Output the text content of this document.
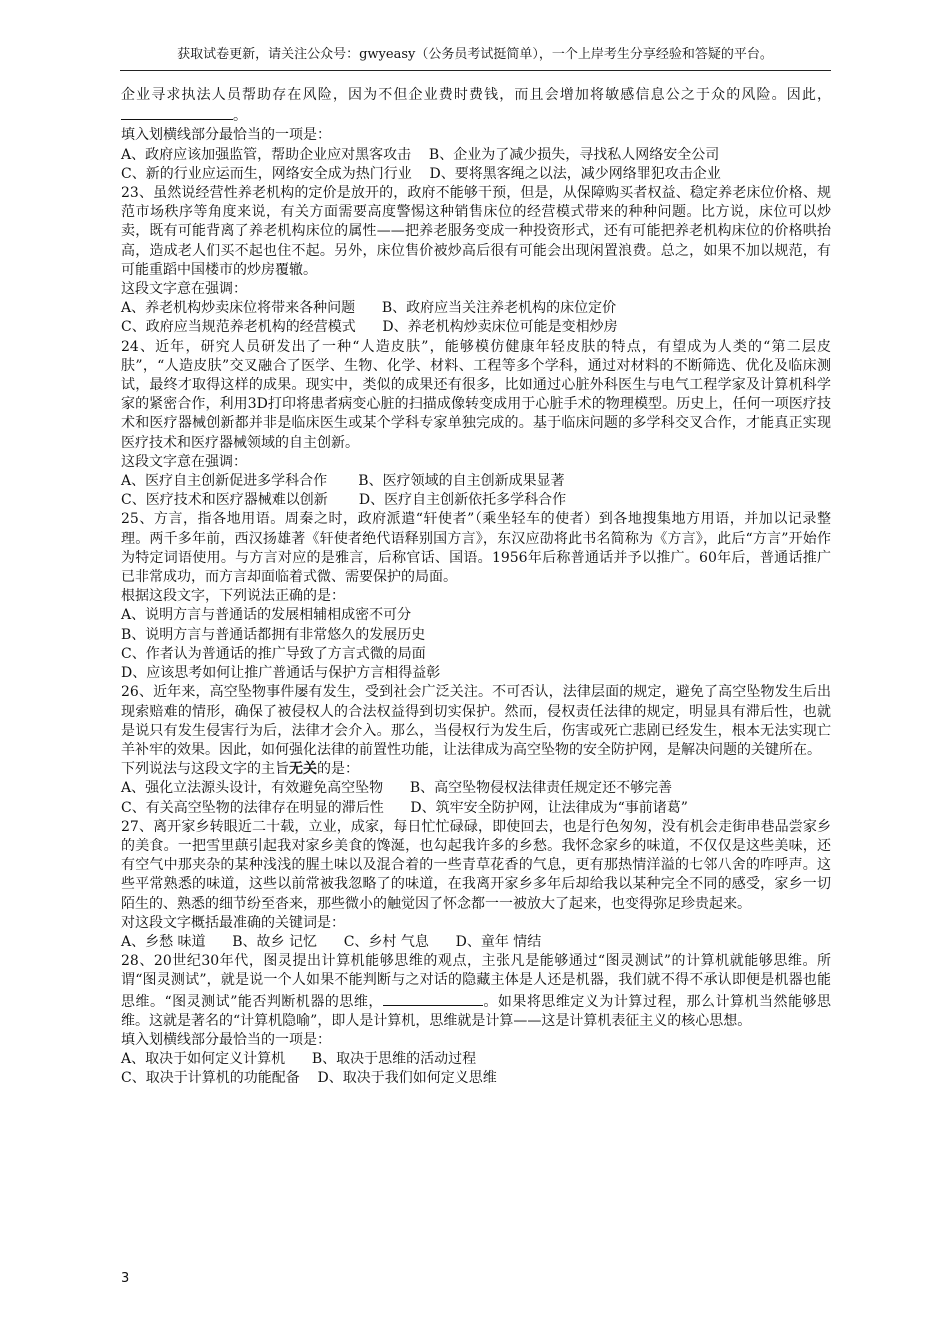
获取试卷更新，请关注公众号：gwyeasy（公务员考试挺简单），一个上岸考生分享经验和答疑的平台。

企业寻求执法人员帮助存在风险，因为不但企业费时费钱，而且会增加将敏感信息公之于众的风险。因此，。

填入划横线部分最恰当的一项是：

A、政府应该加强监管，帮助企业应对黑客攻击 B、企业为了减少损失，寻找私人网络安全公司

C、新的行业应运而生，网络安全成为热门行业 D、要将黑客绳之以法，减少网络罪犯攻击企业

23、虽然说经营性养老机构的定价是放开的，政府不能够干预，但是，从保障购买者权益、稳定养老床位价格、规范市场秩序等角度来说，有关方面需要高度警惕这种销售床位的经营模式带来的种种问题。比方说，床位可以炒卖，既有可能背离了养老机构床位的属性——把养老服务变成一种投资形式，还有可能把养老机构床位的价格哄抬高，造成老人们买不起也住不起。另外，床位售价被炒高后很有可能会出现闲置浪费。总之，如果不加以规范，有可能重蹈中国楼市的炒房覆辙。

这段文字意在强调：

A、养老机构炒卖床位将带来各种问题 B、政府应当关注养老机构的床位定价

C、政府应当规范养老机构的经营模式 D、养老机构炒卖床位可能是变相炒房

24、近年，研究人员研发出了一种“人造皮肤”，能够模仿健康年轻皮肤的特点，有望成为人类的“第二层皮肤”，“人造皮肤”交叉融合了医学、生物、化学、材料、工程等多个学科，通过对材料的不断筛选、优化及临床测试，最终才取得这样的成果。现实中，类似的成果还有很多，比如通过心脏外科医生与电气工程学家及计算机科学家的紧密合作，利用3D打印将患者病变心脏的扫描成像转变成用于心脏手术的物理模型。历史上，任何一项医疗技术和医疗器械创新都并非是临床医生或某个学科专家单独完成的。基于临床问题的多学科交叉合作，才能真正实现医疗技术和医疗器械领域的自主创新。

这段文字意在强调：

A、医疗自主创新促进多学科合作 B、医疗领域的自主创新成果显著

C、医疗技术和医疗器械难以创新 D、医疗自主创新依托多学科合作

25、方言，指各地用语。周秦之时，政府派遣“轩使者”（乘坐轻车的使者）到各地搜集地方用语，并加以记录整理。两千多年前，西汉扬雄著《轩使者绝代语释别国方言》，东汉应劭将此书名简称为《方言》，此后“方言”开始作为特定词语使用。与方言对应的是雅言，后称官话、国语。1956年后称普通话并予以推广。60年后，普通话推广已非常成功，而方言却面临着式微、需要保护的局面。

根据这段文字，下列说法正确的是：

A、说明方言与普通话的发展相辅相成密不可分

B、说明方言与普通话都拥有非常悠久的发展历史

C、作者认为普通话的推广导致了方言式微的局面

D、应该思考如何让推广普通话与保护方言相得益彰

26、近年来，高空坠物事件屡有发生，受到社会广泛关注。不可否认，法律层面的规定，避免了高空坠物发生后出现索赔难的情形，确保了被侵权人的合法权益得到切实保护。然而，侵权责任法律的规定，明显具有滞后性，也就是说只有发生侵害行为后，法律才会介入。那么，当侵权行为发生后，伤害或死亡悲剧已经发生，根本无法实现亡羊补牢的效果。因此，如何强化法律的前置性功能，让法律成为高空坠物的安全防护网，是解决问题的关键所在。

下列说法与这段文字的主旨无关的是：

A、强化立法源头设计，有效避免高空坠物 B、高空坠物侵权法律责任规定还不够完善

C、有关高空坠物的法律存在明显的滞后性 D、筑牢安全防护网，让法律成为“事前诸葛”

27、离开家乡转眼近二十载，立业，成家，每日忙忙碌碌，即使回去，也是行色匆匆，没有机会走街串巷品尝家乡的美食。一把雪里蕻引起我对家乡美食的馋涎，也勾起我许多的乡愁。我怀念家乡的味道，不仅仅是这些美味，还有空气中那夹杂的某种浅浅的腥土味以及混合着的一些青草花香的气息，更有那热情洋溢的七邻八舍的咋呼声。这些平常熟悉的味道，这些以前常被我忽略了的味道，在我离开家乡多年后却给我以某种完全不同的感受，家乡一切陌生的、熟悉的细节纷至沓来，那些微小的触觉因了怀念都一一被放大了起来，也变得弥足珍贵起来。

对这段文字概括最准确的关键词是：

A、乡愁 味道 B、故乡 记忆 C、乡村 气息 D、童年 情结

28、20世纪30年代，图灵提出计算机能够思维的观点，主张凡是能够通过“图灵测试”的计算机就能够思维。所谓“图灵测试”，就是说一个人如果不能判断与之对话的隐藏主体是人还是机器，我们就不得不承认即便是机器也能思维。“图灵测试”能否判断机器的思维，	。如果将思维定义为计算过程，那么计算机当然能够思维。这就是著名的“计算机隐喻”，即人是计算机，思维就是计算——这是计算机表征主义的核心思想。

填入划横线部分最恰当的一项是：

A、取决于如何定义计算机 B、取决于思维的活动过程

C、取决于计算机的功能配备 D、取决于我们如何定义思维

3
